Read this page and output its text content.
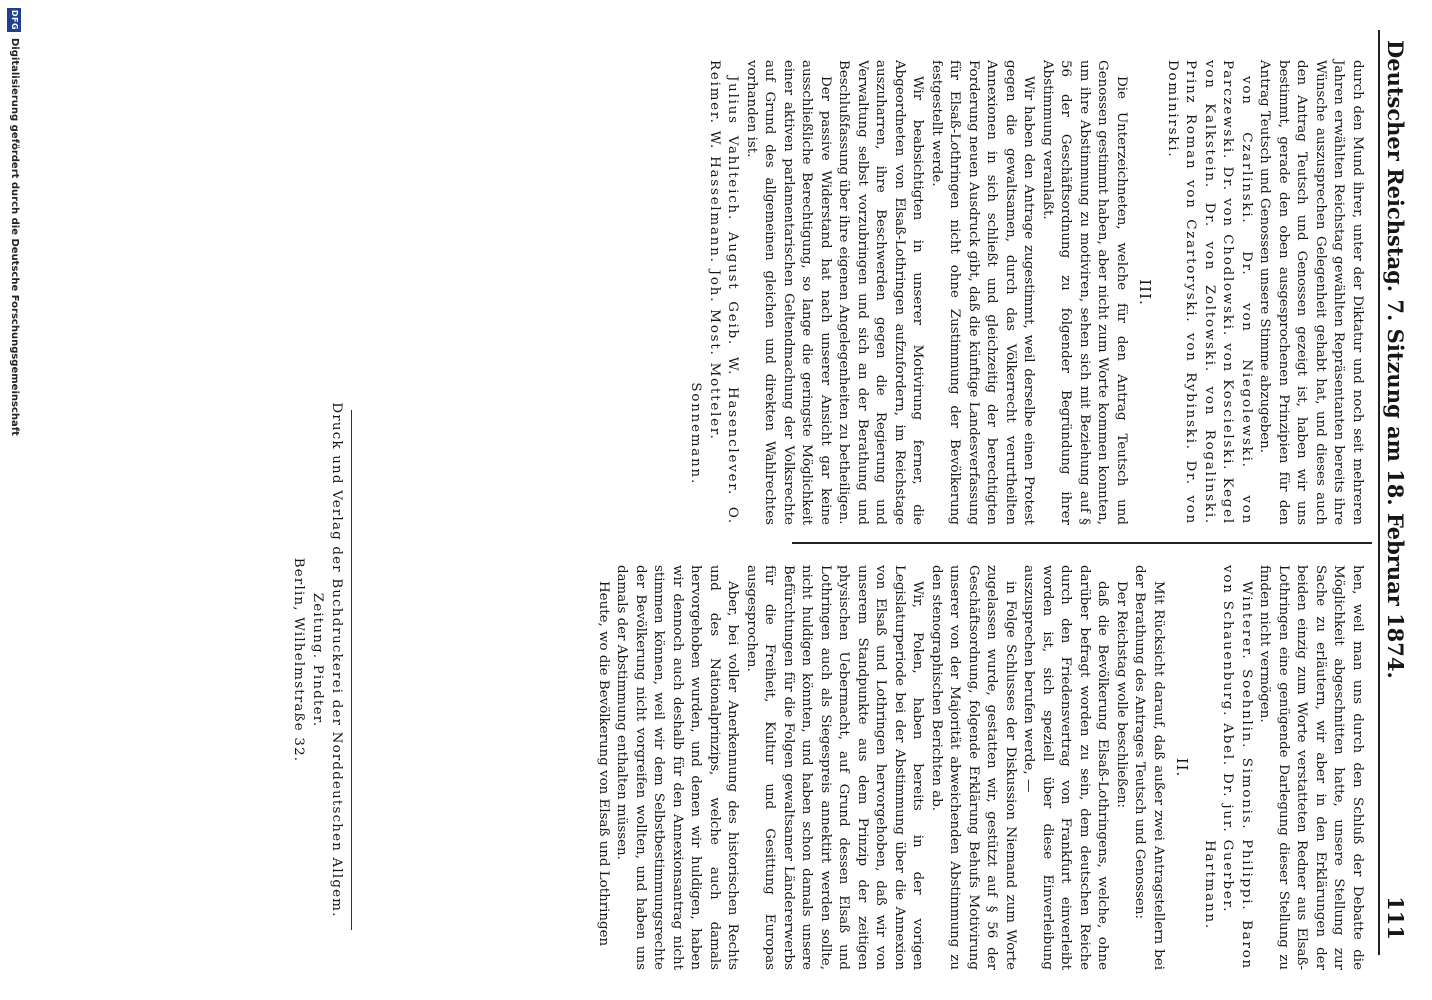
Deutscher Reichstag. 7. Sitzung am 18. Februar 1874.
111

durch den Mund ihrer, unter der Diktatur und noch seit mehreren Jahren erwählten Reichstag gewählten Repräsentanten bereits ihre Wünsche auszusprechen Gelegenheit gehabt hat, und dieses auch den Antrag Teutsch und Genossen gezeigt ist, haben wir uns bestimmt, gerade den oben ausgesprochenen Prinzipien für den Antrag Teutsch und Genossen unsere Stimme abzugeben.

von Czarlinski. Dr. von Niegolewski. von Parczewski. Dr. von Chodlowski. von Koscielski. Kegel von Kalkstein. Dr. von Zoltowski. von Rogalinski. Prinz Roman von Czartoryski. von Rybinski. Dr. von Dominirski.

III.

Die Unterzeichneten, welche für den Antrag Teutsch und Genossen gestimmt haben, aber nicht zum Worte kommen konnten, um ihre Abstimmung zu motiviren, sehen sich mit Beziehung auf § 56 der Geschäftsordnung zu folgender Begründung ihrer Abstimmung veranlaßt.

Wir haben den Antrage zugestimmt, weil derselbe einen Protest gegen die gewaltsamen, durch das Völkerrecht verurtheilten Annexionen in sich schließt und gleichzeitig der berechtigten Forderung neuen Ausdruck gibt, daß die künftige Landesverfassung für Elsaß-Lothringen nicht ohne Zustimmung der Bevölkerung festgestellt werde.

Wir beabsichtigten in unserer Motivirung ferner, die Abgeordneten von Elsaß-Lothringen aufzufordern, im Reichstage auszuharren, ihre Beschwerden gegen die Regierung und Verwaltung selbst vorzubringen und sich an der Berathung und Beschlußfassung über ihre eigenen Angelegenheiten zu betheiligen.

Der passive Widerstand hat nach unserer Ansicht gar keine ausschließliche Berechtigung, so lange die geringste Möglichkeit einer aktiven parlamentarischen Geltendmachung der Volksrechte auf Grund des allgemeinen gleichen und direkten Wahlrechtes vorhanden ist.

Julius Vahlteich. August Geib. W. Hasenclever. O. Reimer. W. Hasselmann. Joh. Most. Motteler.

Sonnemann.

hen, weil man uns durch den Schluß der Debatte die Möglichkeit abgeschnitten hatte, unsere Stellung zur Sache zu erläutern, wir aber in den Erklärungen der beiden einzig zum Worte verstatteten Redner aus Elsaß-Lothringen eine genügende Darlegung dieser Stellung zu finden nicht vermögen.

Winterer. Soehnlin. Simonis. Philippi. Baron von Schauenburg. Abel. Dr. jur. Guerber.

Hartmann.

II.

Mit Rücksicht darauf, daß außer zwei Antragstellern bei der Berathung des Antrages Teutsch und Genossen:

Der Reichstag wolle beschließen:

daß die Bevölkerung Elsaß-Lothringens, welche, ohne darüber befragt worden zu sein, dem deutschen Reiche durch den Friedensvertrag von Frankfurt einverleibt worden ist, sich speziell über diese Einverleibung auszusprechen berufen werde, —

in Folge Schlusses der Diskussion Niemand zum Worte zugelassen wurde, gestatten wir, gestützt auf § 56 der Geschäftsordnung, folgende Erklärung Behufs Motivirung unserer von der Majorität abweichenden Abstimmung zu den stenographischen Berichten ab.

Wir, Polen, haben bereits in der vorigen Legislaturperiode bei der Abstimmung über die Annexion von Elsaß und Lothringen hervorgehoben, daß wir von unserem Standpunkte aus dem Prinzip der zeitigen physischen Uebermacht, auf Grund dessen Elsaß und Lothringen auch als Siegespreis annektirt werden sollte, nicht huldigen könnten, und haben schon damals unsere Befürchtungen für die Folgen gewaltsamer Ländererwerbs für die Freiheit, Kultur und Gesittung Europas ausgesprochen.

Aber, bei voller Anerkennung des historischen Rechts und des Nationalprinzips, welche auch damals hervorgehoben wurden, und denen wir huldigen, haben wir dennoch auch deshalb für den Annexionsantrag nicht stimmen können, weil wir dem Selbstbestimmungsrechte der Bevölkerung nicht vorgreifen wollten, und haben uns damals der Abstimmung enthalten müssen.

Heute, wo die Bevölkerung von Elsaß und Lothringen

Druck und Verlag der Buchdruckerei der Norddeutschen Allgem. Zeitung. Pindter.
Berlin, Wilhelmstraße 32.
DFG
Digitalisierung gefördert durch die Deutsche Forschungsgemeinschaft
